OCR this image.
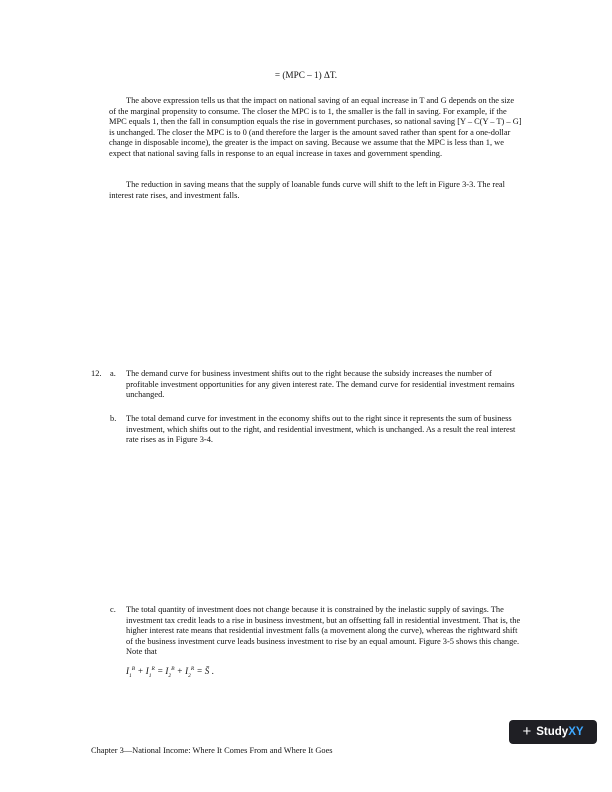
= (MPC – 1) ΔT.
The above expression tells us that the impact on national saving of an equal increase in T and G depends on the size of the marginal propensity to consume. The closer the MPC is to 1, the smaller is the fall in saving. For example, if the MPC equals 1, then the fall in consumption equals the rise in government purchases, so national saving [Y – C(Y – T) – G] is unchanged. The closer the MPC is to 0 (and therefore the larger is the amount saved rather than spent for a one-dollar change in disposable income), the greater is the impact on saving. Because we assume that the MPC is less than 1, we expect that national saving falls in response to an equal increase in taxes and government spending.
The reduction in saving means that the supply of loanable funds curve will shift to the left in Figure 3-3. The real interest rate rises, and investment falls.
12. a. The demand curve for business investment shifts out to the right because the subsidy increases the number of profitable investment opportunities for any given interest rate. The demand curve for residential investment remains unchanged.
b. The total demand curve for investment in the economy shifts out to the right since it represents the sum of business investment, which shifts out to the right, and residential investment, which is unchanged. As a result the real interest rate rises as in Figure 3-4.
c. The total quantity of investment does not change because it is constrained by the inelastic supply of savings. The investment tax credit leads to a rise in business investment, but an offsetting fall in residential investment. That is, the higher interest rate means that residential investment falls (a movement along the curve), whereas the rightward shift of the business investment curve leads business investment to rise by an equal amount. Figure 3-5 shows this change. Note that
$I_1^B + I_1^R = I_2^B + I_2^R$ = S̄ .
Chapter 3—National Income: Where It Comes From and Where It Goes
+ StudyXY
